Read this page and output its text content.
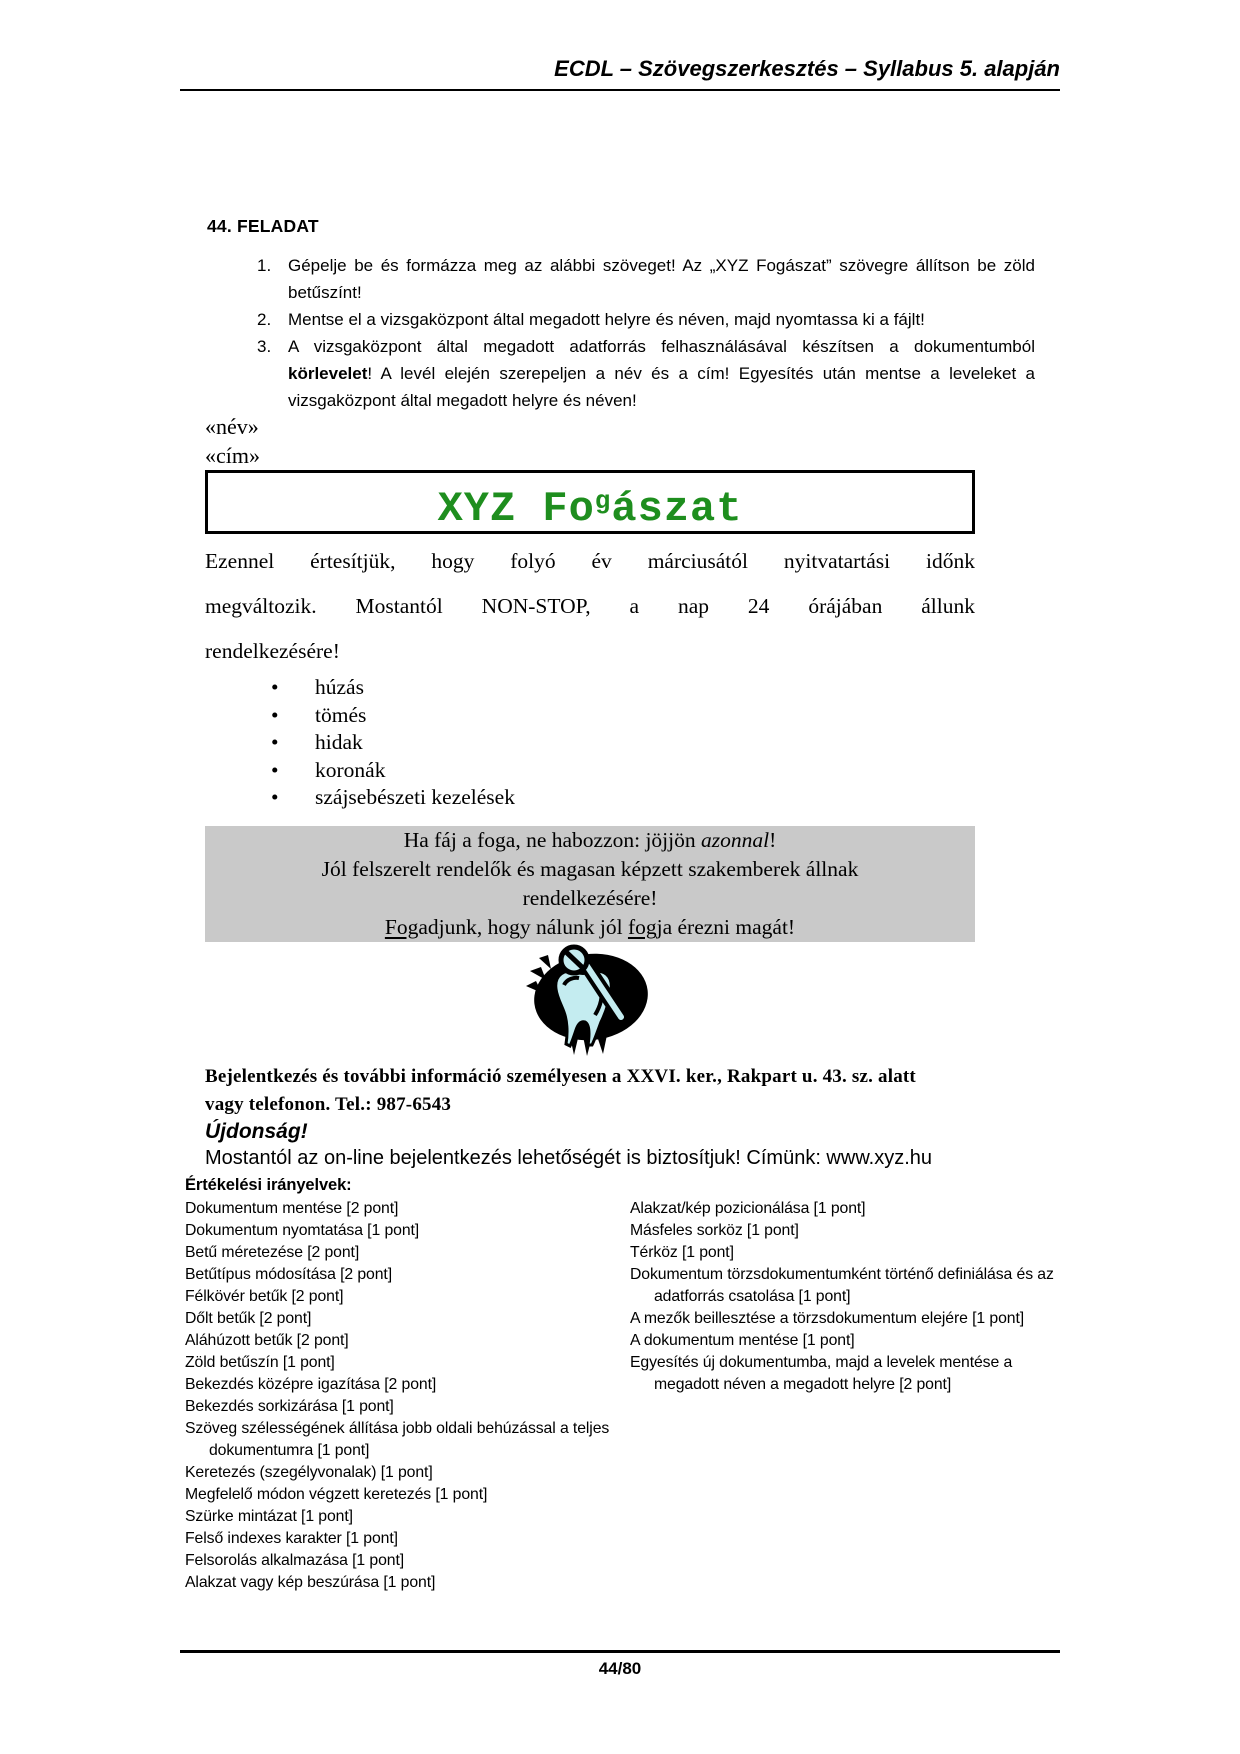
ECDL – Szövegszerkesztés – Syllabus 5. alapján
44. FELADAT
1. Gépelje be és formázza meg az alábbi szöveget! Az „XYZ Fogászat” szövegre állítson be zöld
betűszínt!
2. Mentse el a vizsgaközpont által megadott helyre és néven, majd nyomtassa ki a fájlt!
3. A vizsgaközpont által megadott adatforrás felhasználásával készítsen a dokumentumból
körlevelet! A levél elején szerepeljen a név és a cím! Egyesítés után mentse a leveleket a
vizsgaközpont által megadott helyre és néven!
«név»
«cím»
XYZ Fo$^g$ászat
Ezennel értesítjük, hogy folyó év márciusától nyitvatartási időnk
megváltozik. Mostantól NON-STOP, a nap 24 órájában állunk
rendelkezésére!
•
húzás
•
tömés
•
hidak
•
koronák
•
szájsebészeti kezelések
Ha fáj a foga, ne habozzon: jöjjön azonnal!
Jól felszerelt rendelők és magasan képzett szakemberek állnak
rendelkezésére!
Fogadjunk, hogy nálunk jól fogja érezni magát!
Bejelentkezés és további információ személyesen a XXVI. ker., Rakpart u. 43. sz. alatt
vagy telefonon. Tel.: 987-6543
Újdonság!
Mostantól az on-line bejelentkezés lehetőségét is biztosítjuk! Címünk: www.xyz.hu
Értékelési irányelvek:
Dokumentum mentése [2 pont]
Dokumentum nyomtatása [1 pont]
Betű méretezése [2 pont]
Betűtípus módosítása [2 pont]
Félkövér betűk [2 pont]
Dőlt betűk [2 pont]
Aláhúzott betűk [2 pont]
Zöld betűszín [1 pont]
Bekezdés középre igazítása [2 pont]
Bekezdés sorkizárása [1 pont]
Szöveg szélességének állítása jobb oldali behúzással a teljes dokumentumra [1 pont]
Keretezés (szegélyvonalak) [1 pont]
Megfelelő módon végzett keretezés [1 pont]
Szürke mintázat [1 pont]
Felső indexes karakter [1 pont]
Felsorolás alkalmazása [1 pont]
Alakzat vagy kép beszúrása [1 pont]
Alakzat/kép pozicionálása [1 pont]
Másfeles sorköz [1 pont]
Térköz [1 pont]
Dokumentum törzsdokumentumként történő definiálása és az adatforrás csatolása [1 pont]
A mezők beillesztése a törzsdokumentum elejére [1 pont]
A dokumentum mentése [1 pont]
Egyesítés új dokumentumba, majd a levelek mentése a megadott néven a megadott helyre [2 pont]
44/80
